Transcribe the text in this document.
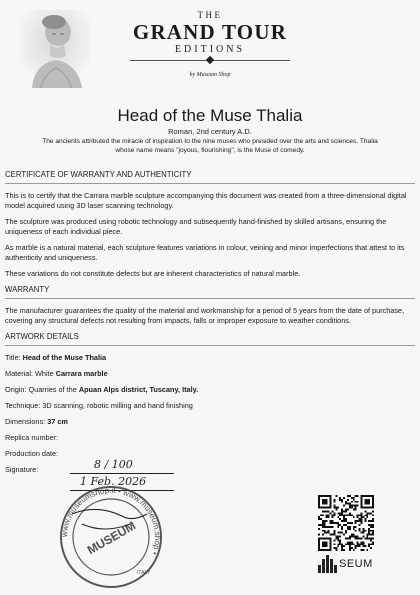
THE
GRAND TOUR
EDITIONS
by Museum Shop
Head of the Muse Thalia
Roman, 2nd century A.D.
The ancients attributed the miracle of inspiration to the nine muses who presided over the arts and sciences. Thalia whose name means "joyous, flourishing", is the Muse of comedy.
CERTIFICATE OF WARRANTY AND AUTHENTICITY
This is to certify that the Carrara marble sculpture accompanying this document was created from a three-dimensional digital model acquired using 3D laser scanning technology.
The sculpture was produced using robotic technology and subsequently hand-finished by skilled artisans, ensuring the uniqueness of each individual piece.
As marble is a natural material, each sculpture features variations in colour, veining and minor imperfections that attest to its authenticity and uniqueness.
These variations do not constitute defects but are inherent characteristics of natural marble.
WARRANTY
The manufacturer guarantees the quality of the material and workmanship for a period of 5 years from the date of purchase, covering any structural defects not resulting from impacts, falls or improper exposure to weather conditions.
ARTWORK DETAILS
Title: Head of the Muse Thalia
Material: White Carrara marble
Origin: Quarries of the Apuan Alps district, Tuscany, Italy.
Technique: 3D scanning, robotic milling and hand finishing
Dimensions: 37 cm
Replica number:
Production date:
Signature:	8 / 100
1 Feb. 2026
www.museumshop.it • www.museum.shop •
MUSEUM
ITALY
SEUM
